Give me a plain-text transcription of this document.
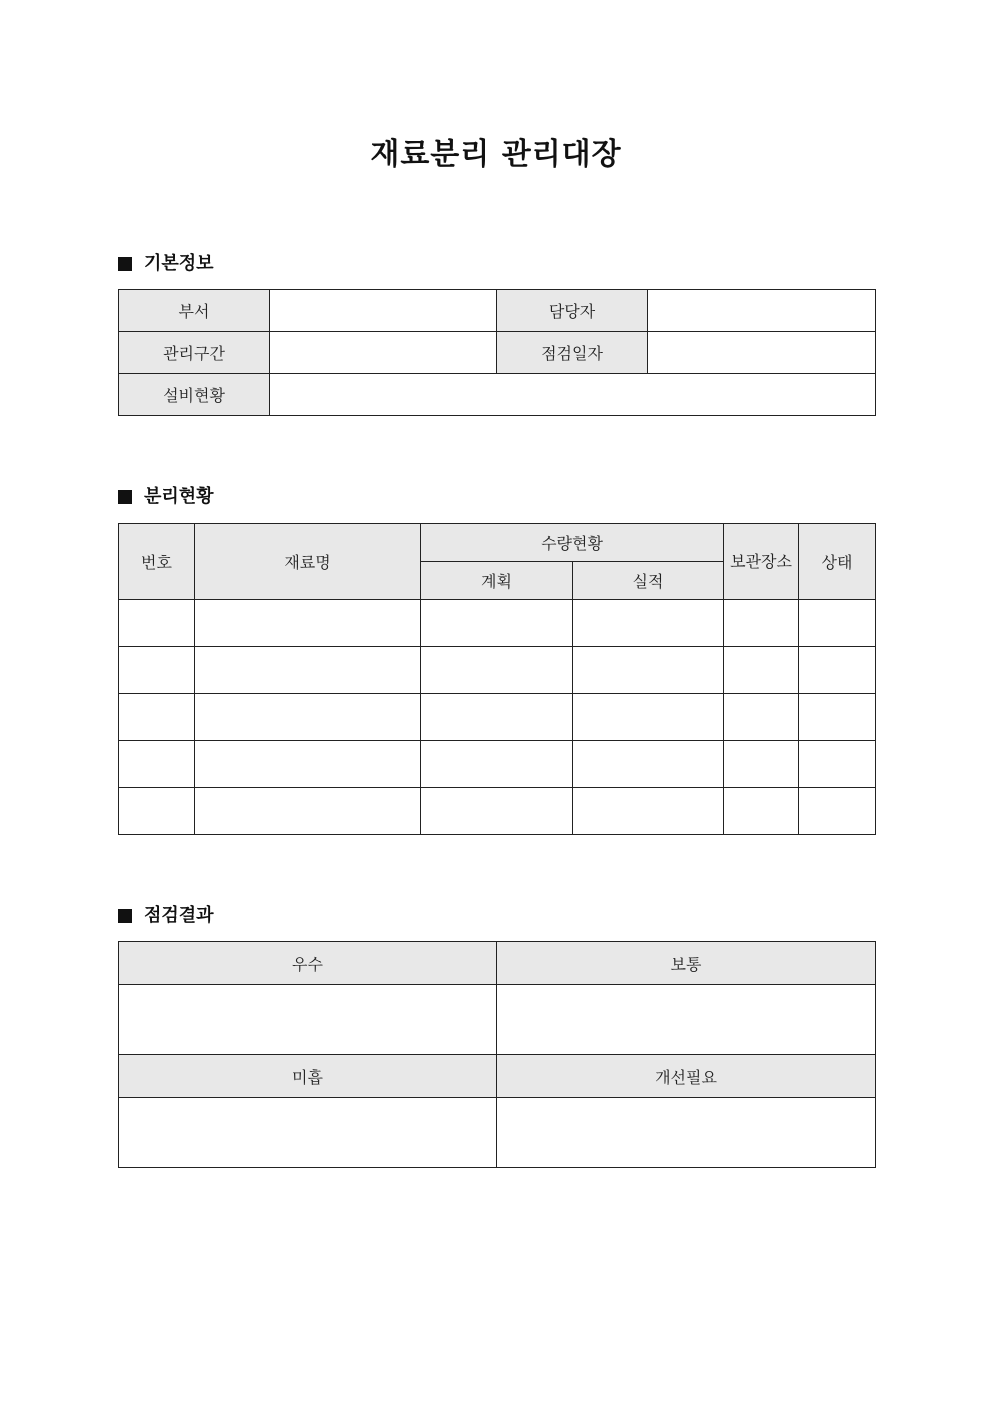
재료분리 관리대장
기본정보
부서		담당자	
관리구간		점검일자	
설비현황			
분리현황
번호	재료명	수량현황		보관장소	상태
		계획	실적		

점검결과
우수	보통

미흡	개선필요
